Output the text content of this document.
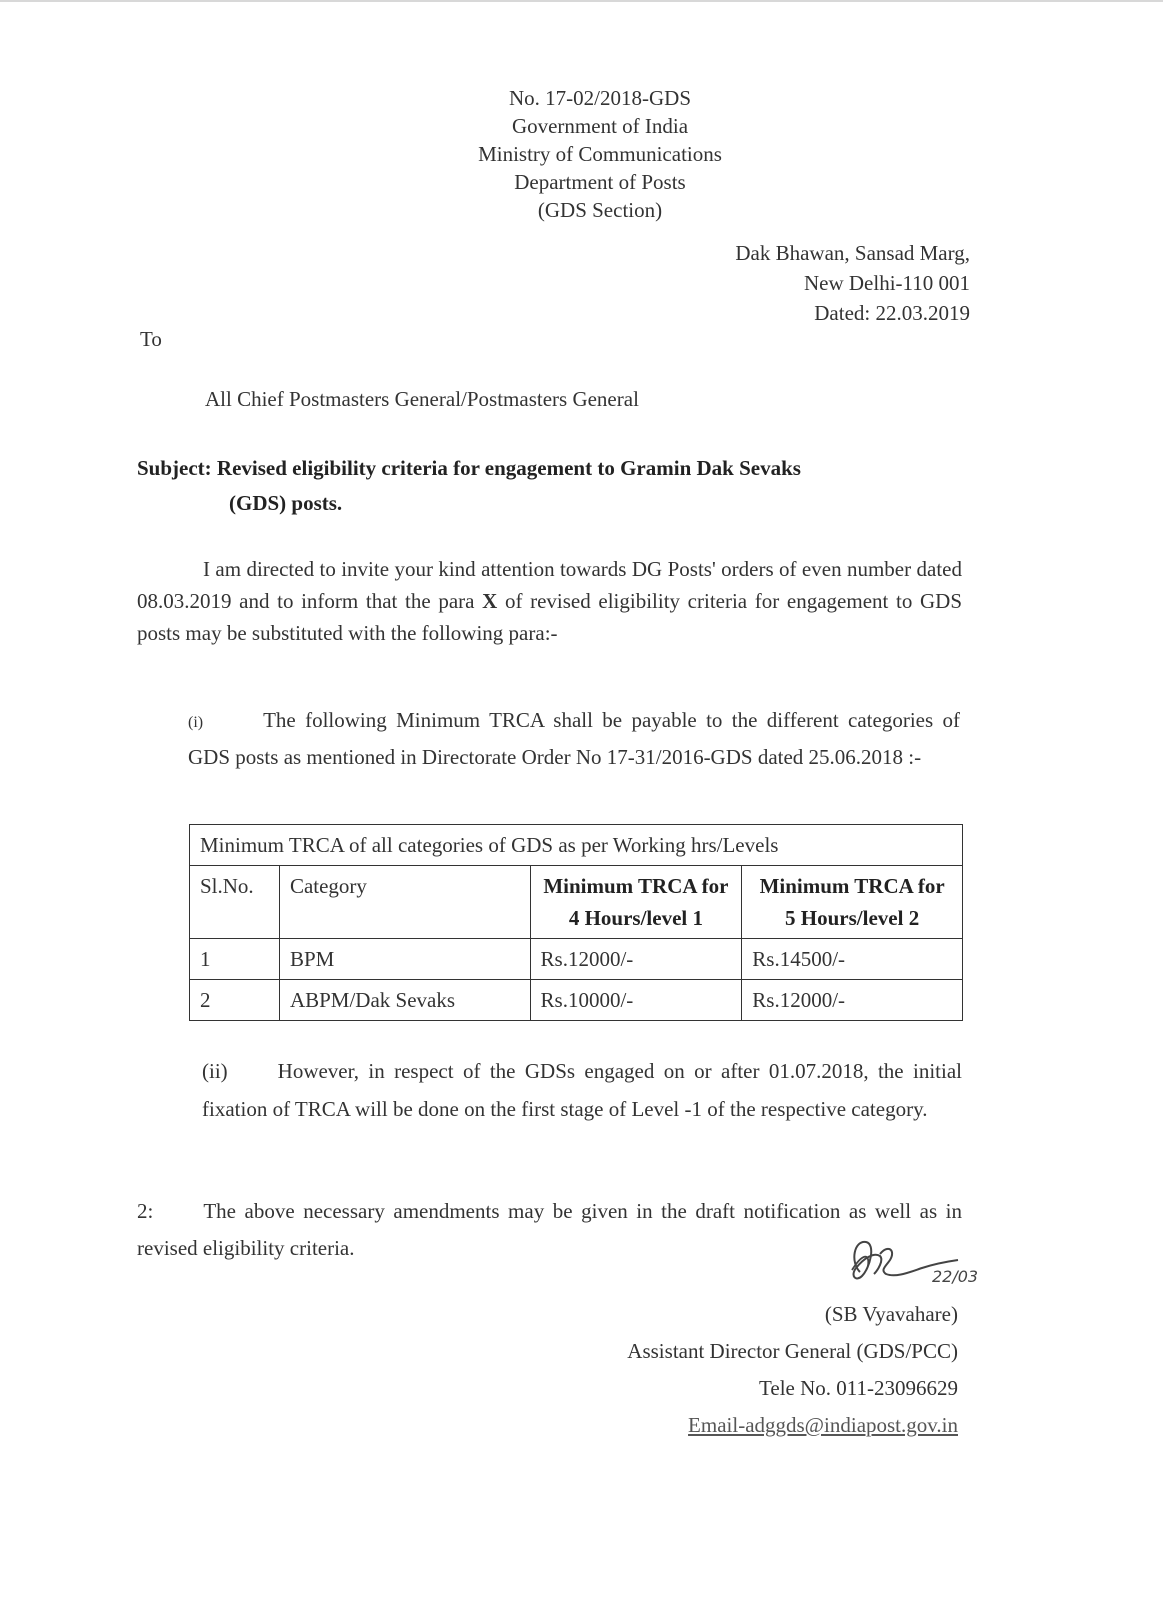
No. 17-02/2018-GDS
Government of India
Ministry of Communications
Department of Posts
(GDS Section)
Dak Bhawan, Sansad Marg,
New Delhi-110 001
Dated: 22.03.2019
To
All Chief Postmasters General/Postmasters General
Subject: Revised eligibility criteria for engagement to Gramin Dak Sevaks
(GDS) posts.
I am directed to invite your kind attention towards DG Posts' orders of even number dated 08.03.2019 and to inform that the para X of revised eligibility criteria for engagement to GDS posts may be substituted with the following para:-
(i)	The following Minimum TRCA shall be payable to the different categories of GDS posts as mentioned in Directorate Order No 17-31/2016-GDS dated 25.06.2018 :-
Minimum TRCA of all categories of GDS as per Working hrs/Levels			
Sl.No.	Category	Minimum TRCA for 4 Hours/level 1	Minimum TRCA for 5 Hours/level 2
1	BPM	Rs.12000/-	Rs.14500/-
2	ABPM/Dak Sevaks	Rs.10000/-	Rs.12000/-
(ii) However, in respect of the GDSs engaged on or after 01.07.2018, the initial fixation of TRCA will be done on the first stage of Level -1 of the respective category.
2: The above necessary amendments may be given in the draft notification as well as in revised eligibility criteria.
22/03
(SB Vyavahare)
Assistant Director General (GDS/PCC)
Tele No. 011-23096629
Email-adggds@indiapost.gov.in
